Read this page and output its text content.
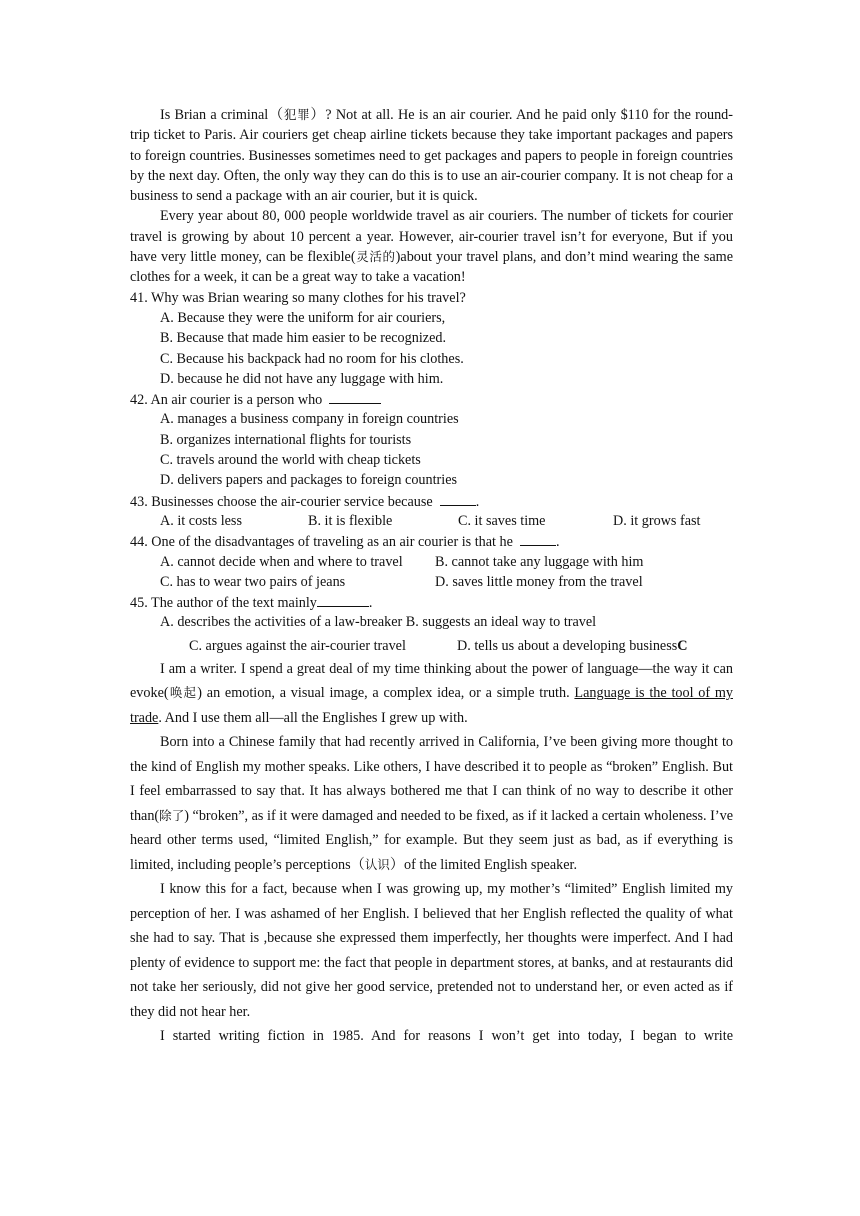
Is Brian a criminal（犯罪）? Not at all. He is an air courier. And he paid only $110 for the round-trip ticket to Paris. Air couriers get cheap airline tickets because they take important packages and papers to foreign countries. Businesses sometimes need to get packages and papers to people in foreign countries by the next day. Often, the only way they can do this is to use an air-courier company. It is not cheap for a business to send a package with an air courier, but it is quick.

Every year about 80, 000 people worldwide travel as air couriers. The number of tickets for courier travel is growing by about 10 percent a year. However, air-courier travel isn’t for everyone, But if you have very little money, can be flexible(灵活的)about your travel plans, and don’t mind wearing the same clothes for a week, it can be a great way to take a vacation!

41. Why was Brian wearing so many clothes for his travel?
A. Because they were the uniform for air couriers,
B. Because that made him easier to be recognized.
C. Because his backpack had no room for his clothes.
D. because he did not have any luggage with him.
42. An air courier is a person who
A. manages a business company in foreign countries
B. organizes international flights for tourists
C. travels around the world with cheap tickets
D. delivers papers and packages to foreign countries
43. Businesses choose the air-courier service because	.
A. it costs less	B. it is flexible	C. it saves time	D. it grows fast
44. One of the disadvantages of traveling as an air courier is that he	.
A. cannot decide when and where to travel	B. cannot take any luggage with him
C. has to wear two pairs of jeans	D. saves little money from the travel
45. The author of the text mainly	.
A. describes the activities of a law-breaker B. suggests an ideal way to travel
C. argues against the air-courier travel	D. tells us about a developing businessC

I am a writer. I spend a great deal of my time thinking about the power of language—the way it can evoke(唤起) an emotion, a visual image, a complex idea, or a simple truth. Language is the tool of my trade. And I use them all—all the Englishes I grew up with.

Born into a Chinese family that had recently arrived in California, I’ve been giving more thought to the kind of English my mother speaks. Like others, I have described it to people as “broken” English. But I feel embarrassed to say that. It has always bothered me that I can think of no way to describe it other than(除了) “broken”, as if it were damaged and needed to be fixed, as if it lacked a certain wholeness. I’ve heard other terms used, “limited English,” for example. But they seem just as bad, as if everything is limited, including people’s perceptions（认识）of the limited English speaker.

I know this for a fact, because when I was growing up, my mother’s “limited” English limited my perception of her. I was ashamed of her English. I believed that her English reflected the quality of what she had to say. That is ,because she expressed them imperfectly, her thoughts were imperfect. And I had plenty of evidence to support me: the fact that people in department stores, at banks, and at restaurants did not take her seriously, did not give her good service, pretended not to understand her, or even acted as if they did not hear her.

I started writing fiction in 1985. And for reasons I won’t get into today, I began to write
